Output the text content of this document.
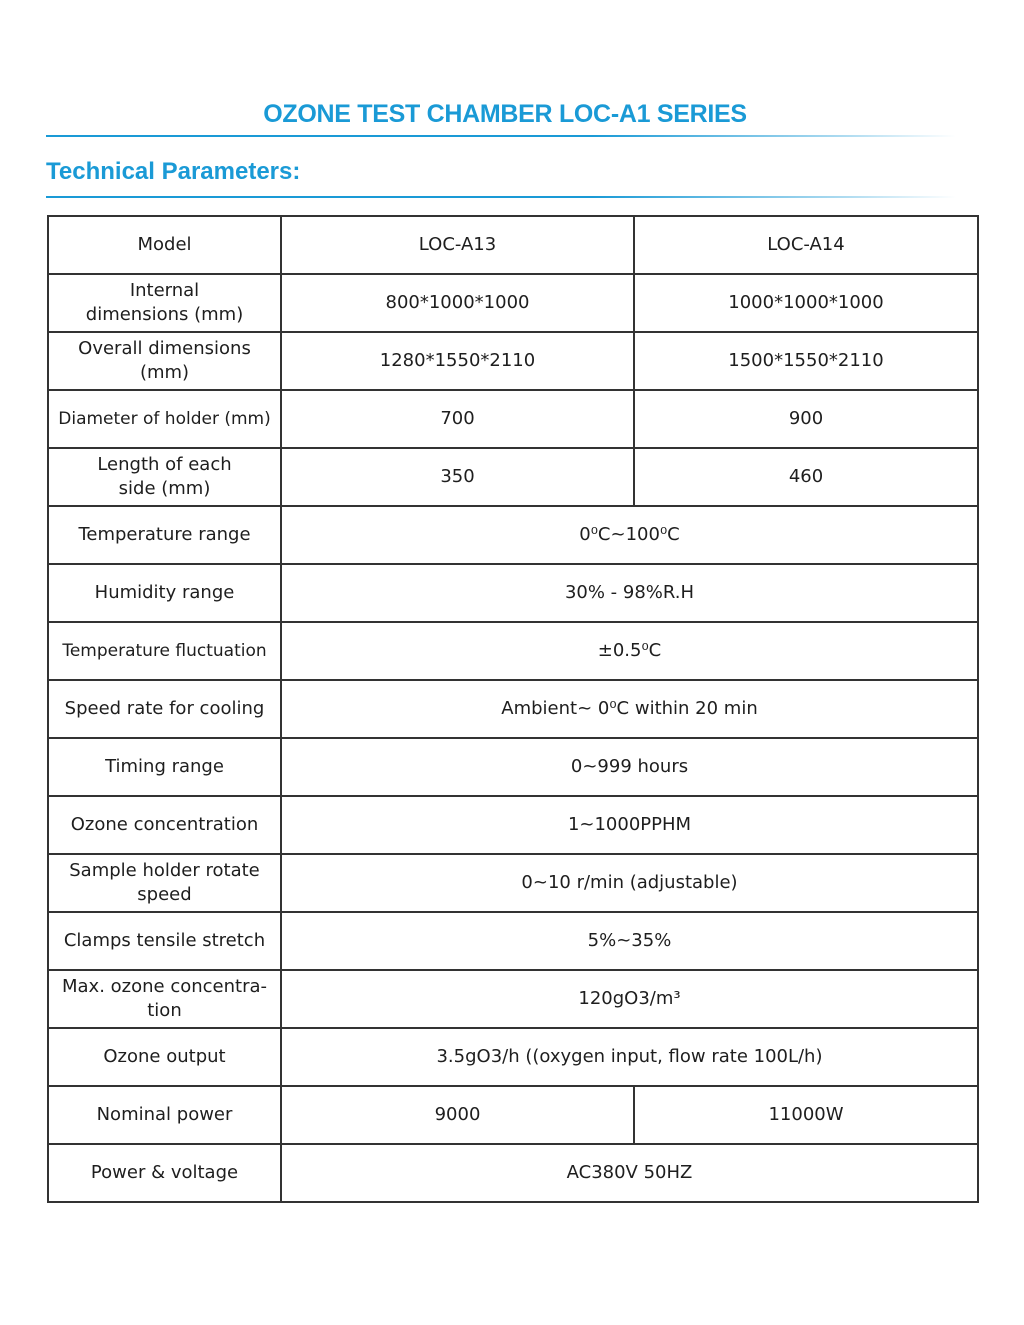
OZONE TEST CHAMBER LOC-A1 SERIES
Technical Parameters:
Model	LOC-A13	LOC-A14
Internal dimensions (mm)	800*1000*1000	1000*1000*1000
Overall dimensions (mm)	1280*1550*2110	1500*1550*2110
Diameter of holder (mm)	700	900
Length of each side (mm)	350	460
Temperature range	0⁰C~100⁰C	
Humidity range	30% - 98%R.H	
Temperature fluctuation	±0.5⁰C	
Speed rate for cooling	Ambient~ 0⁰C within 20 min	
Timing range	0~999 hours	
Ozone concentration	1~1000PPHM	
Sample holder rotate speed	0~10 r/min (adjustable)	
Clamps tensile stretch	5%~35%	
Max. ozone concentra-tion	120gO3/m³	
Ozone output	3.5gO3/h ((oxygen input, flow rate 100L/h)	
Nominal power	9000	11000W
Power & voltage	AC380V 50HZ	
